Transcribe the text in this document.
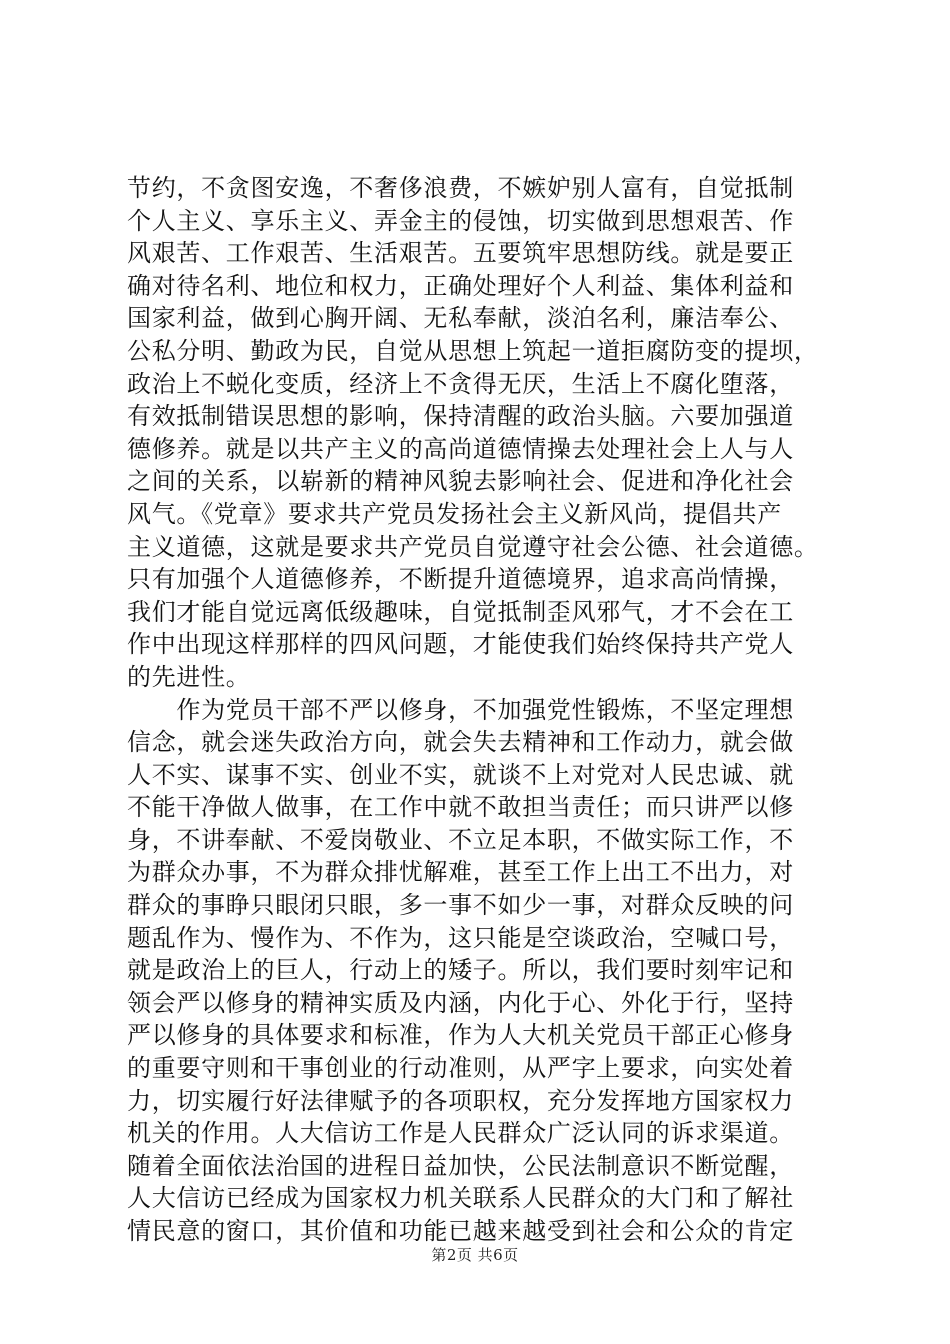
节约，不贪图安逸，不奢侈浪费，不嫉妒别人富有，自觉抵制
个人主义、享乐主义、弄金主的侵蚀，切实做到思想艰苦、作
风艰苦、工作艰苦、生活艰苦。五要筑牢思想防线。就是要正
确对待名利、地位和权力，正确处理好个人利益、集体利益和
国家利益，做到心胸开阔、无私奉献，淡泊名利，廉洁奉公、
公私分明、勤政为民，自觉从思想上筑起一道拒腐防变的提坝，
政治上不蜕化变质，经济上不贪得无厌，生活上不腐化堕落，
有效抵制错误思想的影响，保持清醒的政治头脑。六要加强道
德修养。就是以共产主义的高尚道德情操去处理社会上人与人
之间的关系，以崭新的精神风貌去影响社会、促进和净化社会
风气。《党章》要求共产党员发扬社会主义新风尚，提倡共产
主义道德，这就是要求共产党员自觉遵守社会公德、社会道德。
只有加强个人道德修养，不断提升道德境界，追求高尚情操，
我们才能自觉远离低级趣味，自觉抵制歪风邪气，才不会在工
作中出现这样那样的四风问题，才能使我们始终保持共产党人
的先进性。
　　作为党员干部不严以修身，不加强党性锻炼，不坚定理想
信念，就会迷失政治方向，就会失去精神和工作动力，就会做
人不实、谋事不实、创业不实，就谈不上对党对人民忠诚、就
不能干净做人做事，在工作中就不敢担当责任；而只讲严以修
身，不讲奉献、不爱岗敬业、不立足本职，不做实际工作，不
为群众办事，不为群众排忧解难，甚至工作上出工不出力，对
群众的事睁只眼闭只眼，多一事不如少一事，对群众反映的问
题乱作为、慢作为、不作为，这只能是空谈政治，空喊口号，
就是政治上的巨人，行动上的矮子。所以，我们要时刻牢记和
领会严以修身的精神实质及内涵，内化于心、外化于行，坚持
严以修身的具体要求和标准，作为人大机关党员干部正心修身
的重要守则和干事创业的行动准则，从严字上要求，向实处着
力，切实履行好法律赋予的各项职权，充分发挥地方国家权力
机关的作用。人大信访工作是人民群众广泛认同的诉求渠道。
随着全面依法治国的进程日益加快，公民法制意识不断觉醒，
人大信访已经成为国家权力机关联系人民群众的大门和了解社
情民意的窗口，其价值和功能已越来越受到社会和公众的肯定
第2页 共6页
